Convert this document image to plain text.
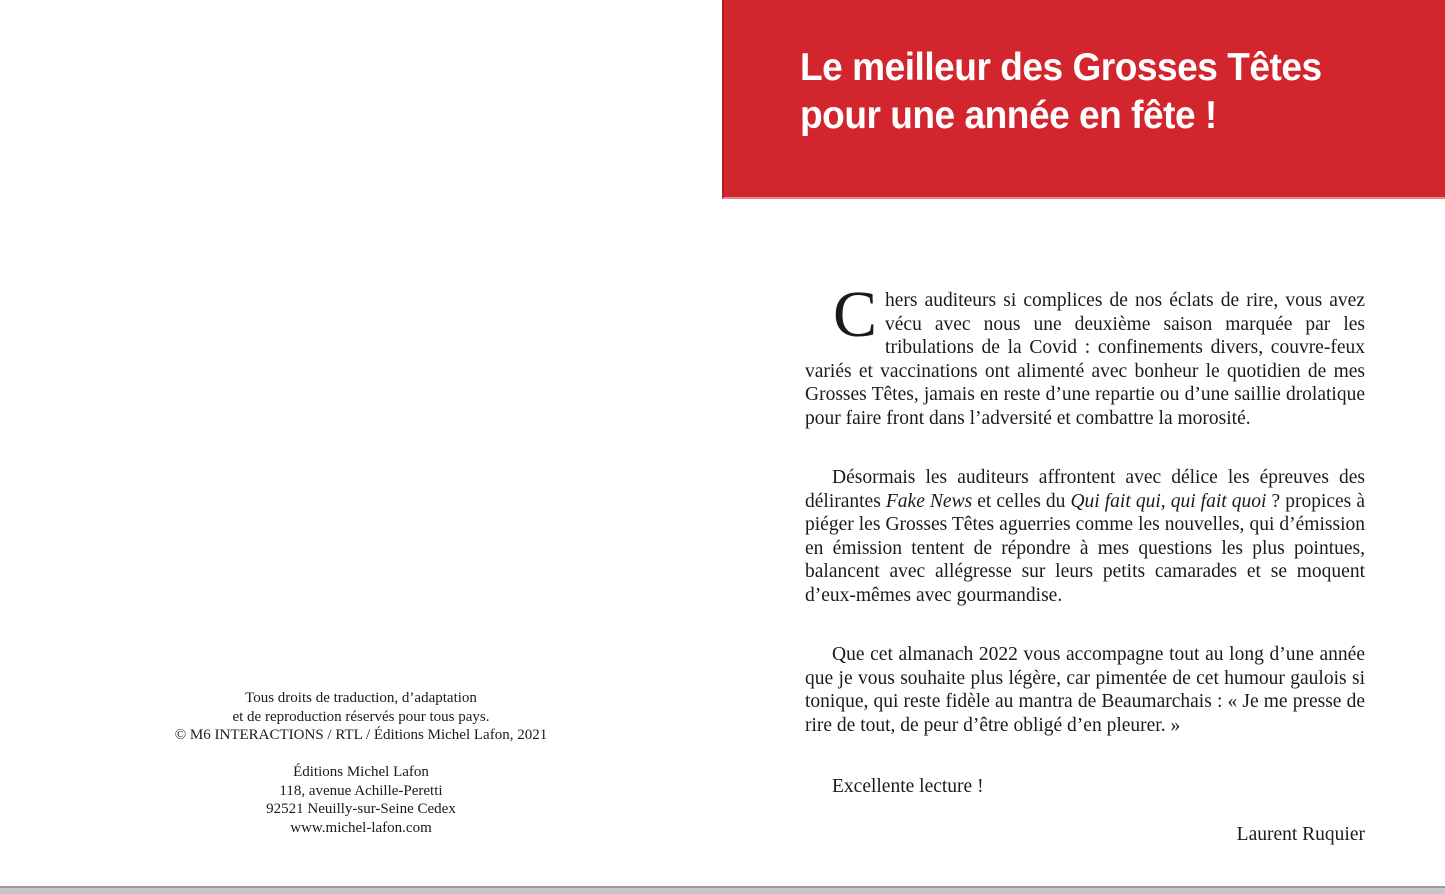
Tous droits de traduction, d’adaptation
et de reproduction réservés pour tous pays.
© M6 INTERACTIONS / RTL / Éditions Michel Lafon, 2021
Éditions Michel Lafon
118, avenue Achille-Peretti
92521 Neuilly-sur-Seine Cedex
www.michel-lafon.com
Le meilleur des Grosses Têtes
pour une année en fête !

Chers auditeurs si complices de nos éclats de rire, vous avez vécu avec nous une deuxième saison marquée par les tribulations de la Covid : confinements divers, couvre-feux variés et vaccinations ont alimenté avec bonheur le quotidien de mes Grosses Têtes, jamais en reste d’une repartie ou d’une saillie drolatique pour faire front dans l’adversité et combattre la morosité.

Désormais les auditeurs affrontent avec délice les épreuves des délirantes Fake News et celles du Qui fait qui, qui fait quoi ? propices à piéger les Grosses Têtes aguerries comme les nouvelles, qui d’émission en émission tentent de répondre à mes questions les plus pointues, balancent avec allégresse sur leurs petits camarades et se moquent d’eux-mêmes avec gourmandise.

Que cet almanach 2022 vous accompagne tout au long d’une année que je vous souhaite plus légère, car pimentée de cet humour gaulois si tonique, qui reste fidèle au mantra de Beaumarchais : « Je me presse de rire de tout, de peur d’être obligé d’en pleurer. »

Excellente lecture !

Laurent Ruquier
